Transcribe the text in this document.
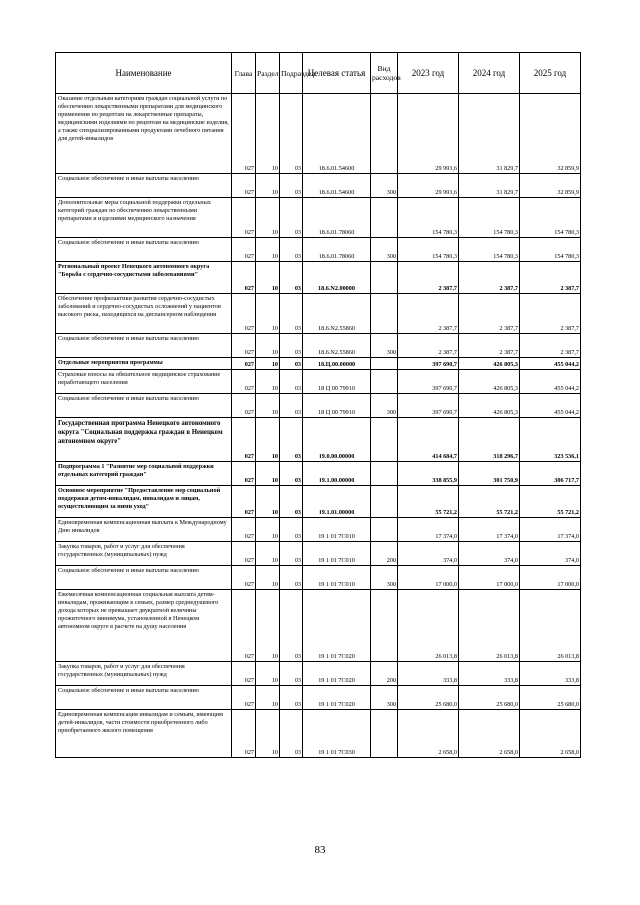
Наименование	Глава	Раздел	Подраздел	Целевая статья	Вид расходов	2023 год	2024 год	2025 год
Оказание отдельным категориям граждан социальной услуги по обеспечению лекарственными препаратами для медицинского применения по рецептам на лекарственные препараты, медицинскими изделиями по рецептам на медицинские изделия, а также специализированными продуктами лечебного питания для детей-инвалидов	027	10	03	18.6.01.54600		29 993,6	31 829,7	32 859,9
Социальное обеспечение и иные выплаты населению	027	10	03	18.6.01.54600	300	29 993,6	31 829,7	32 859,9
Дополнительные меры социальной поддержки отдельных категорий граждан по обеспечению лекарственными препаратами и изделиями медицинского назначения	027	10	03	18.6.01.78060		154 780,3	154 780,3	154 780,3
Социальное обеспечение и иные выплаты населению	027	10	03	18.6.01.78060	300	154 780,3	154 780,3	154 780,3
Региональный проект Ненецкого автономного округа "Борьба с сердечно-сосудистыми заболеваниями"	027	10	03	18.6.N2.00000		2 387,7	2 387,7	2 387,7
Обеспечение профилактики развития сердечно-сосудистых заболеваний и сердечно-сосудистых осложнений у пациентов высокого риска, находящихся на диспансерном наблюдении	027	10	03	18.6.N2.55860		2 387,7	2 387,7	2 387,7
Социальное обеспечение и иные выплаты населению	027	10	03	18.6.N2.55860	300	2 387,7	2 387,7	2 387,7
Отдельные мероприятия программы	027	10	03	18.Ц.00.00000		397 690,7	426 805,3	455 044,2
Страховые взносы на обязательное медицинское страхование неработающего населения	027	10	03	18 Ц 00 79910		397 690,7	426 805,3	455 044,2
Социальное обеспечение и иные выплаты населению	027	10	03	18 Ц 00 79910	300	397 690,7	426 805,3	455 044,2
Государственная программа Ненецкого автономного округа "Социальная поддержка граждан в Ненецком автономном округе"	027	10	03	19.0.00.00000		414 684,7	318 296,7	323 536,1
Подпрограмма 1 "Развитие мер социальной поддержки отдельных категорий граждан"	027	10	03	19.1.00.00000		338 855,9	301 750,9	306 717,7
Основное мероприятие "Предоставление мер социальной поддержки детям-инвалидам, инвалидам и лицам, осуществляющим за ними уход"	027	10	03	19.1.01.00000		55 721,2	55 721,2	55 721,2
Единовременная компенсационная выплата к Международному Дню инвалидов	027	10	03	19 1 01 7С010		17 374,0	17 374,0	17 374,0
Закупка товаров, работ и услуг для обеспечения государственных (муниципальных) нужд	027	10	03	19 1 01 7С010	200	374,0	374,0	374,0
Социальное обеспечение и иные выплаты населению	027	10	03	19 1 01 7С010	300	17 000,0	17 000,0	17 000,0
Ежемесячная компенсационная социальная выплата детям-инвалидам, проживающим в семьях, размер среднедушевого дохода которых не превышает двукратной величины прожиточного минимума, установленной в Ненецком автономном округе в расчете на душу населения	027	10	03	19 1 01 7С020		26 013,8	26 013,8	26 013,8
Закупка товаров, работ и услуг для обеспечения государственных (муниципальных) нужд	027	10	03	19 1 01 7С020	200	333,8	333,8	333,8
Социальное обеспечение и иные выплаты населению	027	10	03	19 1 01 7С020	300	25 680,0	25 680,0	25 680,0
Единовременная компенсация инвалидам и семьям, имеющим детей-инвалидов, части стоимости приобретенного либо приобретаемого жилого помещения	027	10	03	19 1 01 7С030		2 658,0	2 658,0	2 658,0
83
